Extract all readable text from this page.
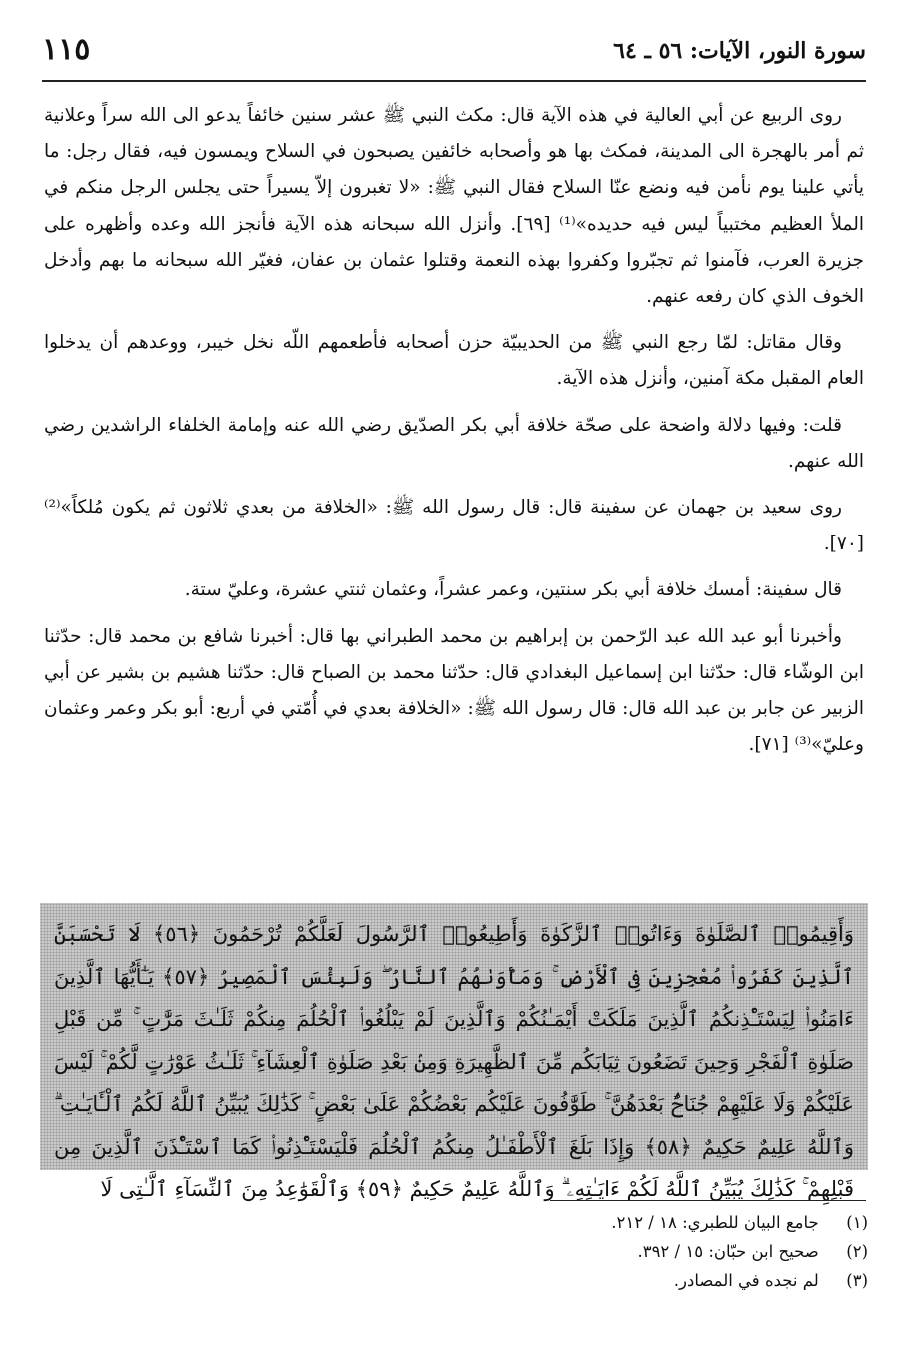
سورة النور، الآيات: ٥٦ ـ ٦٤
١١٥

روى الربيع عن أبي العالية في هذه الآية قال: مكث النبي ﷺ عشر سنين خائفاً يدعو الى الله سراً وعلانية ثم أمر بالهجرة الى المدينة، فمكث بها هو وأصحابه خائفين يصبحون في السلاح ويمسون فيه، فقال رجل: ما يأتي علينا يوم نأمن فيه ونضع عنّا السلاح فقال النبي ﷺ: «لا تغبرون إلاّ يسيراً حتى يجلس الرجل منكم في الملأ العظيم مختبياً ليس فيه حديده»⁽¹⁾ [٦٩]. وأنزل الله سبحانه هذه الآية فأنجز الله وعده وأظهره على جزيرة العرب، فآمنوا ثم تجبّروا وكفروا بهذه النعمة وقتلوا عثمان بن عفان، فغيّر الله سبحانه ما بهم وأدخل الخوف الذي كان رفعه عنهم.

وقال مقاتل: لمّا رجع النبي ﷺ من الحديبيّة حزن أصحابه فأطعمهم اللّه نخل خيبر، ووعدهم أن يدخلوا العام المقبل مكة آمنين، وأنزل هذه الآية.

قلت: وفيها دلالة واضحة على صحّة خلافة أبي بكر الصدّيق رضي الله عنه وإمامة الخلفاء الراشدين رضي الله عنهم.

روى سعيد بن جهمان عن سفينة قال: قال رسول الله ﷺ: «الخلافة من بعدي ثلاثون ثم يكون مُلكاً»⁽²⁾ [٧٠].

قال سفينة: أمسك خلافة أبي بكر سنتين، وعمر عشراً، وعثمان ثنتي عشرة، وعليّ ستة.

وأخبرنا أبو عبد الله عبد الرّحمن بن إبراهيم بن محمد الطبراني بها قال: أخبرنا شافع بن محمد قال: حدّثنا ابن الوشّاء قال: حدّثنا ابن إسماعيل البغدادي قال: حدّثنا محمد بن الصباح قال: حدّثنا هشيم بن بشير عن أبي الزبير عن جابر بن عبد الله قال: قال رسول الله ﷺ: «الخلافة بعدي في أُمّتي في أربع: أبو بكر وعمر وعثمان وعليّ»⁽³⁾ [٧١].

وَأَقِيمُوا۟ ٱلصَّلَوٰةَ وَءَاتُوا۟ ٱلزَّكَوٰةَ وَأَطِيعُوا۟ ٱلرَّسُولَ لَعَلَّكُمْ تُرْحَمُونَ ﴿٥٦﴾ لَا تَحْسَبَنَّ ٱلَّذِينَ كَفَرُوا۟ مُعْجِزِينَ فِى ٱلْأَرْضِ ۚ وَمَأْوَىٰهُمُ ٱلنَّارُ ۖ وَلَبِئْسَ ٱلْمَصِيرُ ﴿٥٧﴾ يَـٰٓأَيُّهَا ٱلَّذِينَ ءَامَنُوا۟ لِيَسْتَـْٔذِنكُمُ ٱلَّذِينَ مَلَكَتْ أَيْمَـٰنُكُمْ وَٱلَّذِينَ لَمْ يَبْلُغُوا۟ ٱلْحُلُمَ مِنكُمْ ثَلَـٰثَ مَرَّٰتٍ ۚ مِّن قَبْلِ صَلَوٰةِ ٱلْفَجْرِ وَحِينَ تَضَعُونَ ثِيَابَكُم مِّنَ ٱلظَّهِيرَةِ وَمِنۢ بَعْدِ صَلَوٰةِ ٱلْعِشَآءِ ۚ ثَلَـٰثُ عَوْرَٰتٍ لَّكُمْ ۚ لَيْسَ عَلَيْكُمْ وَلَا عَلَيْهِمْ جُنَاحٌۢ بَعْدَهُنَّ ۚ طَوَّٰفُونَ عَلَيْكُم بَعْضُكُمْ عَلَىٰ بَعْضٍ ۚ كَذَٰلِكَ يُبَيِّنُ ٱللَّهُ لَكُمُ ٱلْـَٔايَـٰتِ ۗ وَٱللَّهُ عَلِيمٌ حَكِيمٌ ﴿٥٨﴾ وَإِذَا بَلَغَ ٱلْأَطْفَـٰلُ مِنكُمُ ٱلْحُلُمَ فَلْيَسْتَـْٔذِنُوا۟ كَمَا ٱسْتَـْٔذَنَ ٱلَّذِينَ مِن قَبْلِهِمْ ۚ كَذَٰلِكَ يُبَيِّنُ ٱللَّهُ لَكُمْ ءَايَـٰتِهِۦ ۗ وَٱللَّهُ عَلِيمٌ حَكِيمٌ ﴿٥٩﴾ وَٱلْقَوَٰعِدُ مِنَ ٱلنِّسَآءِ ٱلَّـٰتِى لَا

(١) جامع البيان للطبري: ١٨ / ٢١٢.

(٢) صحيح ابن حبّان: ١٥ / ٣٩٢.

(٣) لم نجده في المصادر.
